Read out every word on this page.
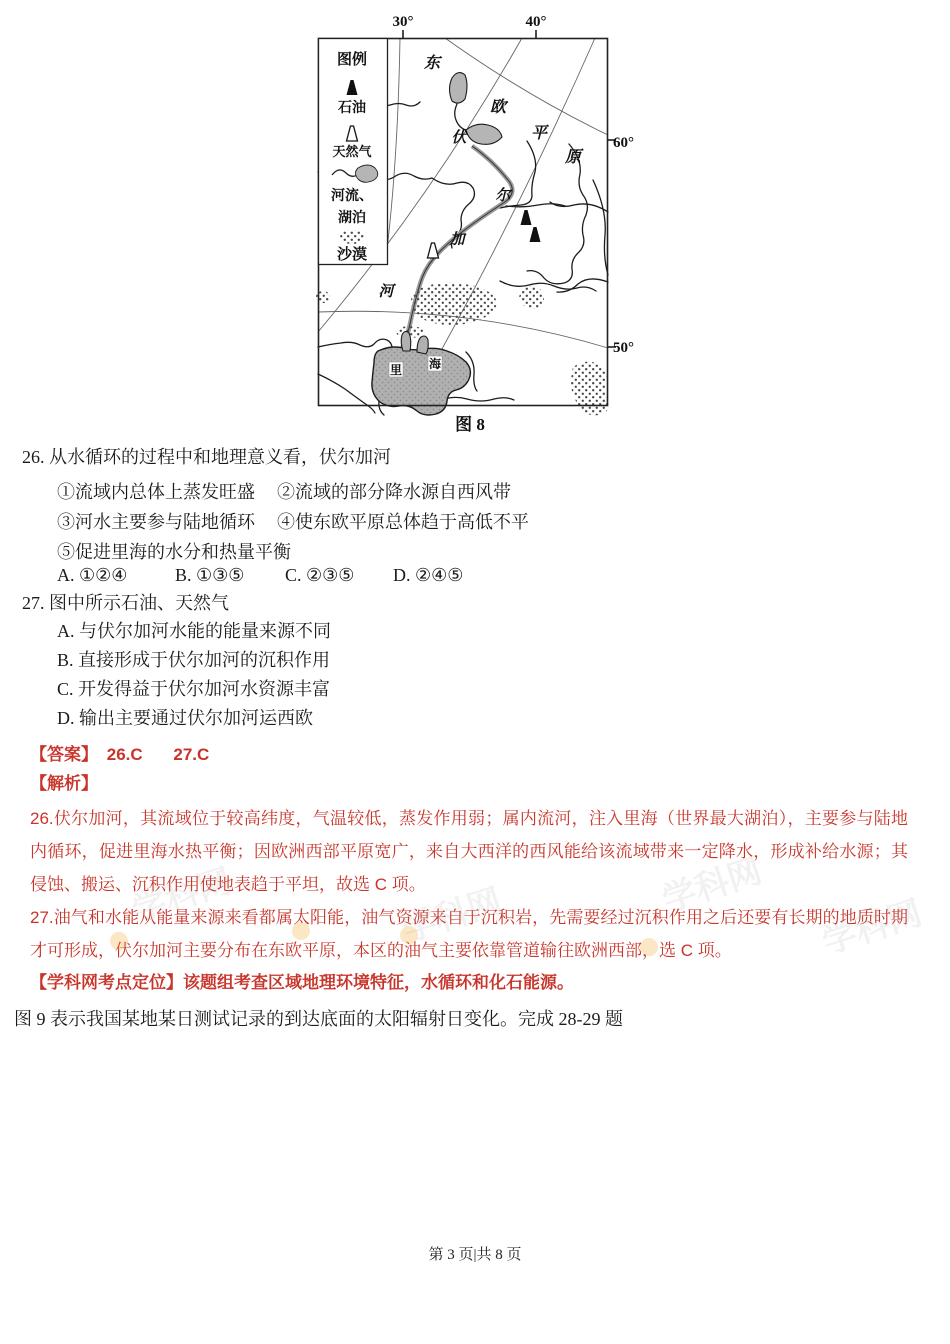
30°	40°
60°
50°
图例
石油
天然气
河流、
湖泊
沙漠
东
欧
平
原
伏
尔
加
河
里 海
图 8
26. 从水循环的过程中和地理意义看，伏尔加河
①流域内总体上蒸发旺盛 ②流域的部分降水源自西风带
③河水主要参与陆地循环 ④使东欧平原总体趋于高低不平
⑤促进里海的水分和热量平衡
A. ①②④	B. ①③⑤ C. ②③⑤ D. ②④⑤
27. 图中所示石油、天然气
A. 与伏尔加河水能的能量来源不同
B. 直接形成于伏尔加河的沉积作用
C. 开发得益于伏尔加河水资源丰富
D. 输出主要通过伏尔加河运西欧
【答案】 26.C 27.C
【解析】
26.伏尔加河，其流域位于较高纬度，气温较低，蒸发作用弱；属内流河，注入里海（世界最大湖泊），主要参与陆地内循环，促进里海水热平衡；因欧洲西部平原宽广，来自大西洋的西风能给该流域带来一定降水，形成补给水源；其侵蚀、搬运、沉积作用使地表趋于平坦，故选 C 项。
27.油气和水能从能量来源来看都属太阳能，油气资源来自于沉积岩，先需要经过沉积作用之后还要有长期的地质时期才可形成，伏尔加河主要分布在东欧平原，本区的油气主要依靠管道输往欧洲西部，选 C 项。
【学科网考点定位】该题组考查区域地理环境特征，水循环和化石能源。
图 9 表示我国某地某日测试记录的到达底面的太阳辐射日变化。完成 28-29 题
学科网	学科网	学科网
学科网
第 3 页|共 8 页
